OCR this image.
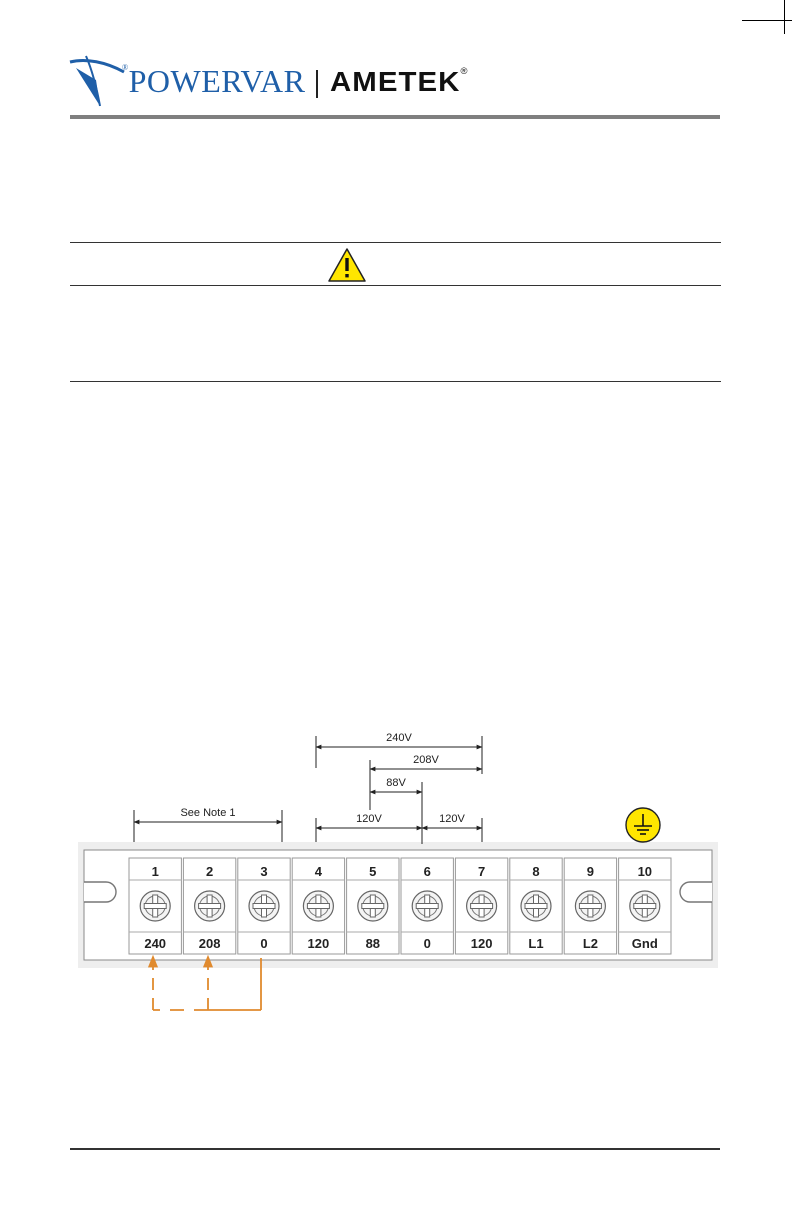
®POWERVAR AMETEK®
1
240
2
208
3
0
4
120
5
88
6
0
7
120
8
L1
9
L2
10
Gnd
240V
208V
88V
120V	120V
See Note 1
